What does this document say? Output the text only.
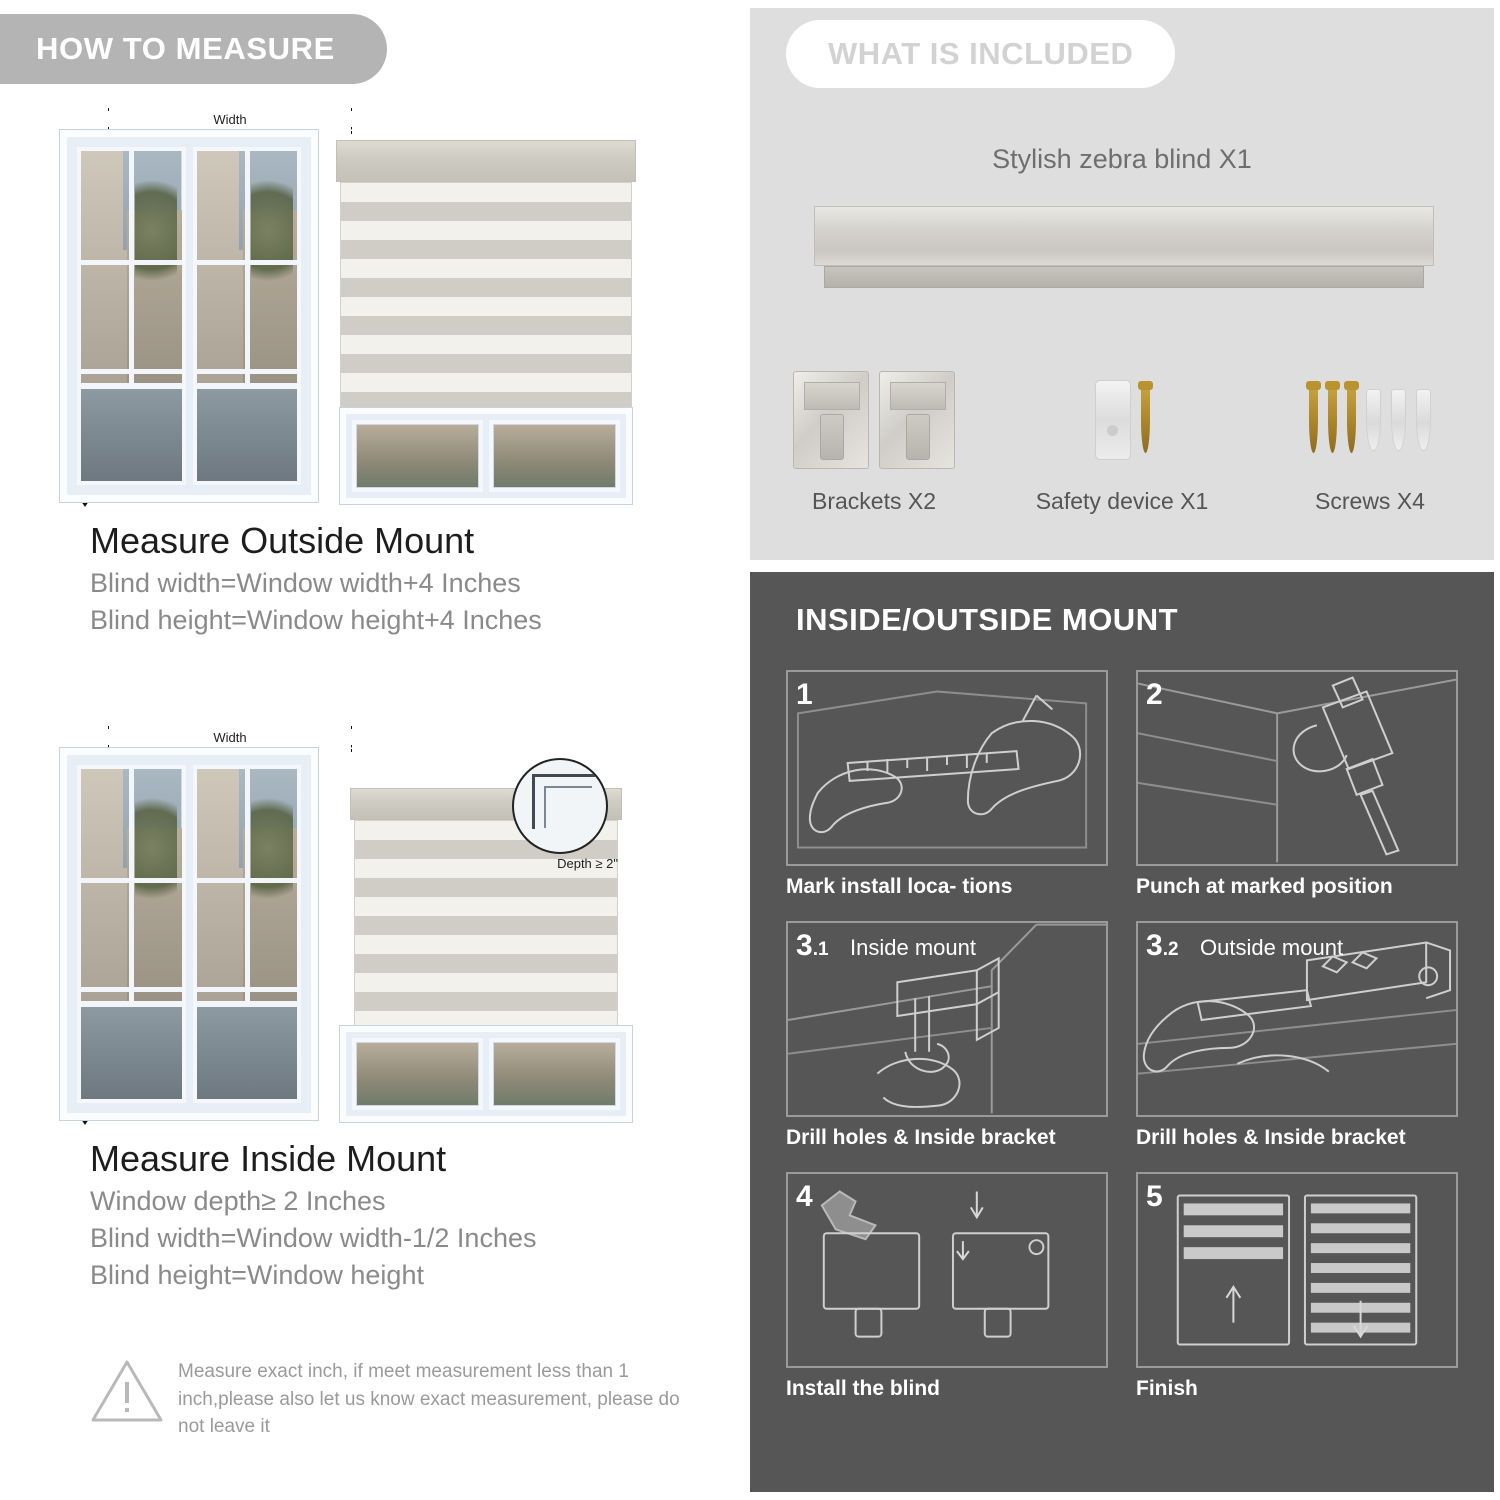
HOW TO MEASURE
Width
Measure Outside Mount
Blind width=Window width+4 Inches
Blind height=Window height+4 Inches
Width
Depth ≥ 2"
Measure Inside Mount
Window depth≥ 2 Inches
Blind width=Window width-1/2 Inches
Blind height=Window height
Measure exact inch, if meet measurement less than 1 inch,please also let us know exact measurement, please do not leave it
WHAT IS INCLUDED
Stylish zebra blind X1
Brackets X2	Safety device X1	Screws X4
INSIDE/OUTSIDE MOUNT
1
Mark install loca- tions
2
Punch at marked position
3.1 Inside mount
Drill holes & Inside bracket
3.2 Outside mount
Drill holes & Inside bracket
4
Install the blind
5
Finish
